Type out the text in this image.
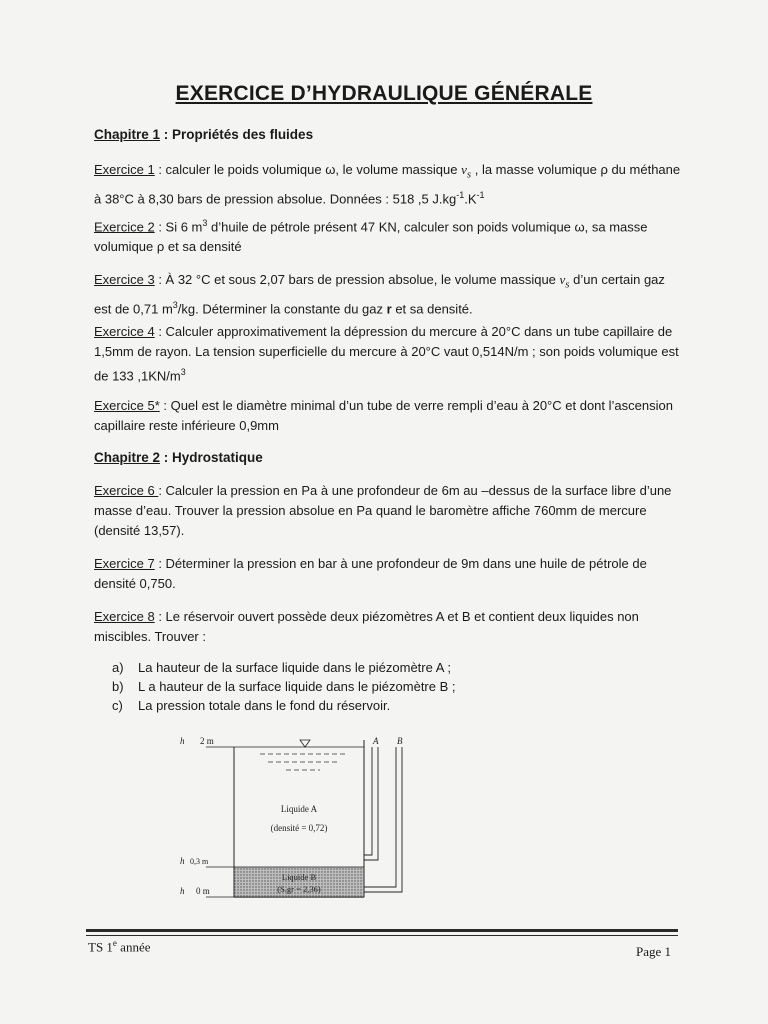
EXERCICE D’HYDRAULIQUE GÉNÉRALE
Chapitre 1 : Propriétés des fluides
Exercice 1 : calculer le poids volumique ω, le volume massique $v_s$ , la masse volumique ρ du méthane à 38°C à 8,30 bars de pression absolue. Données : 518 ,5 $J.kg^{-1}.K^{-1}$
Exercice 2 : Si 6 $m^3$ d’huile de pétrole présent 47 KN, calculer son poids volumique ω, sa masse volumique ρ et sa densité
Exercice 3 : À 32 °C et sous 2,07 bars de pression absolue, le volume massique $v_s$ d’un certain gaz est de 0,71 $m^3/kg$. Déterminer la constante du gaz r et sa densité.
Exercice 4 : Calculer approximativement la dépression du mercure à 20°C dans un tube capillaire de 1,5mm de rayon. La tension superficielle du mercure à 20°C vaut 0,514N/m ; son poids volumique est de 133 $,1KN/m^3$
Exercice 5* : Quel est le diamètre minimal d’un tube de verre rempli d’eau à 20°C et dont l’ascension capillaire reste inférieure 0,9mm
Chapitre 2 : Hydrostatique
Exercice 6 : Calculer la pression en Pa à une profondeur de 6m au –dessus de la surface libre d’une masse d’eau. Trouver la pression absolue en Pa quand le baromètre affiche 760mm de mercure (densité 13,57).
Exercice 7 : Déterminer la pression en bar à une profondeur de 9m dans une huile de pétrole de densité 0,750.
Exercice 8 : Le réservoir ouvert possède deux piézomètres A et B et contient deux liquides non miscibles. Trouver :
a)	La hauteur de la surface liquide dans le piézomètre A ;
b)	L a hauteur de la surface liquide dans le piézomètre B ;
c)	La pression totale dans le fond du réservoir.
h 2 m
h 0,3 m
h 0 m
Liquide A
(densité = 0,72)
Liquide B
(S.gr = 2,36)
A B
TS 1e année	Page 1
